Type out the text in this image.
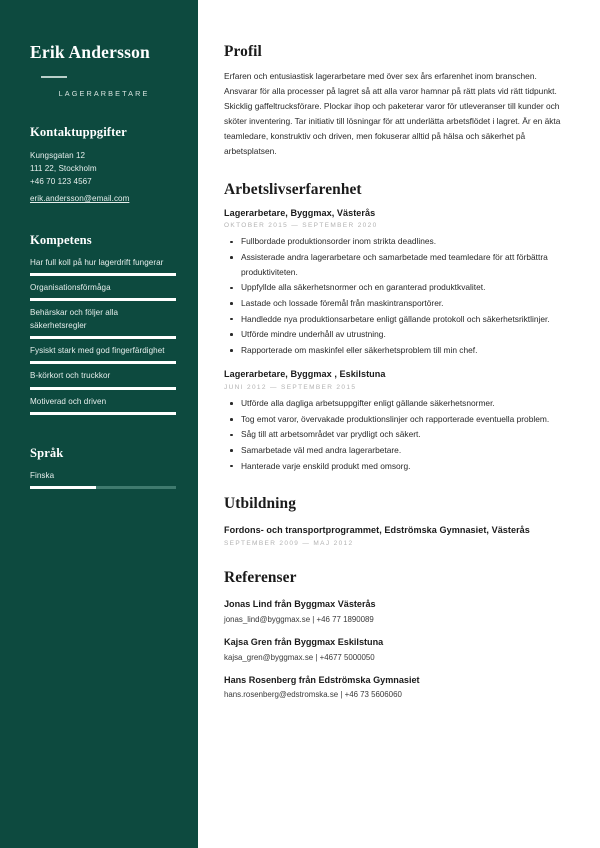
Erik Andersson
LAGERARBETARE
Kontaktuppgifter
Kungsgatan 12
111 22, Stockholm
+46 70 123 4567
erik.andersson@email.com
Kompetens
Har full koll på hur lagerdrift fungerar
Organisationsförmåga
Behärskar och följer alla säkerhetsregler
Fysiskt stark med god fingerfärdighet
B-körkort och truckkor
Motiverad och driven
Språk
Finska
Profil

Erfaren och entusiastisk lagerarbetare med över sex års erfarenhet inom branschen. Ansvarar för alla processer på lagret så att alla varor hamnar på rätt plats vid rätt tidpunkt. Skicklig gaffeltrucksförare. Plockar ihop och paketerar varor för utleveranser till kunder och sköter inventering. Tar initiativ till lösningar för att underlätta arbetsflödet i lagret. Är en äkta teamledare, konstruktiv och driven, men fokuserar alltid på hälsa och säkerhet på arbetsplatsen.

Arbetslivserfarenhet
Lagerarbetare, Byggmax, Västerås
OKTOBER 2015 — SEPTEMBER 2020
Fullbordade produktionsorder inom strikta deadlines.
Assisterade andra lagerarbetare och samarbetade med teamledare för att förbättra produktiviteten.
Uppfyllde alla säkerhetsnormer och en garanterad produktkvalitet.
Lastade och lossade föremål från maskintransportörer.
Handledde nya produktionsarbetare enligt gällande protokoll och säkerhetsriktlinjer.
Utförde mindre underhåll av utrustning.
Rapporterade om maskinfel eller säkerhetsproblem till min chef.
Lagerarbetare, Byggmax , Eskilstuna
JUNI 2012 — SEPTEMBER 2015
Utförde alla dagliga arbetsuppgifter enligt gällande säkerhetsnormer.
Tog emot varor, övervakade produktionslinjer och rapporterade eventuella problem.
Såg till att arbetsområdet var prydligt och säkert.
Samarbetade väl med andra lagerarbetare.
Hanterade varje enskild produkt med omsorg.
Utbildning
Fordons- och transportprogrammet, Edströmska Gymnasiet, Västerås
SEPTEMBER 2009 — MAJ 2012
Referenser
Jonas Lind från Byggmax Västerås
jonas_lind@byggmax.se | +46 77 1890089
Kajsa Gren från Byggmax Eskilstuna
kajsa_gren@byggmax.se | +4677 5000050
Hans Rosenberg från Edströmska Gymnasiet
hans.rosenberg@edstromska.se | +46 73 5606060
